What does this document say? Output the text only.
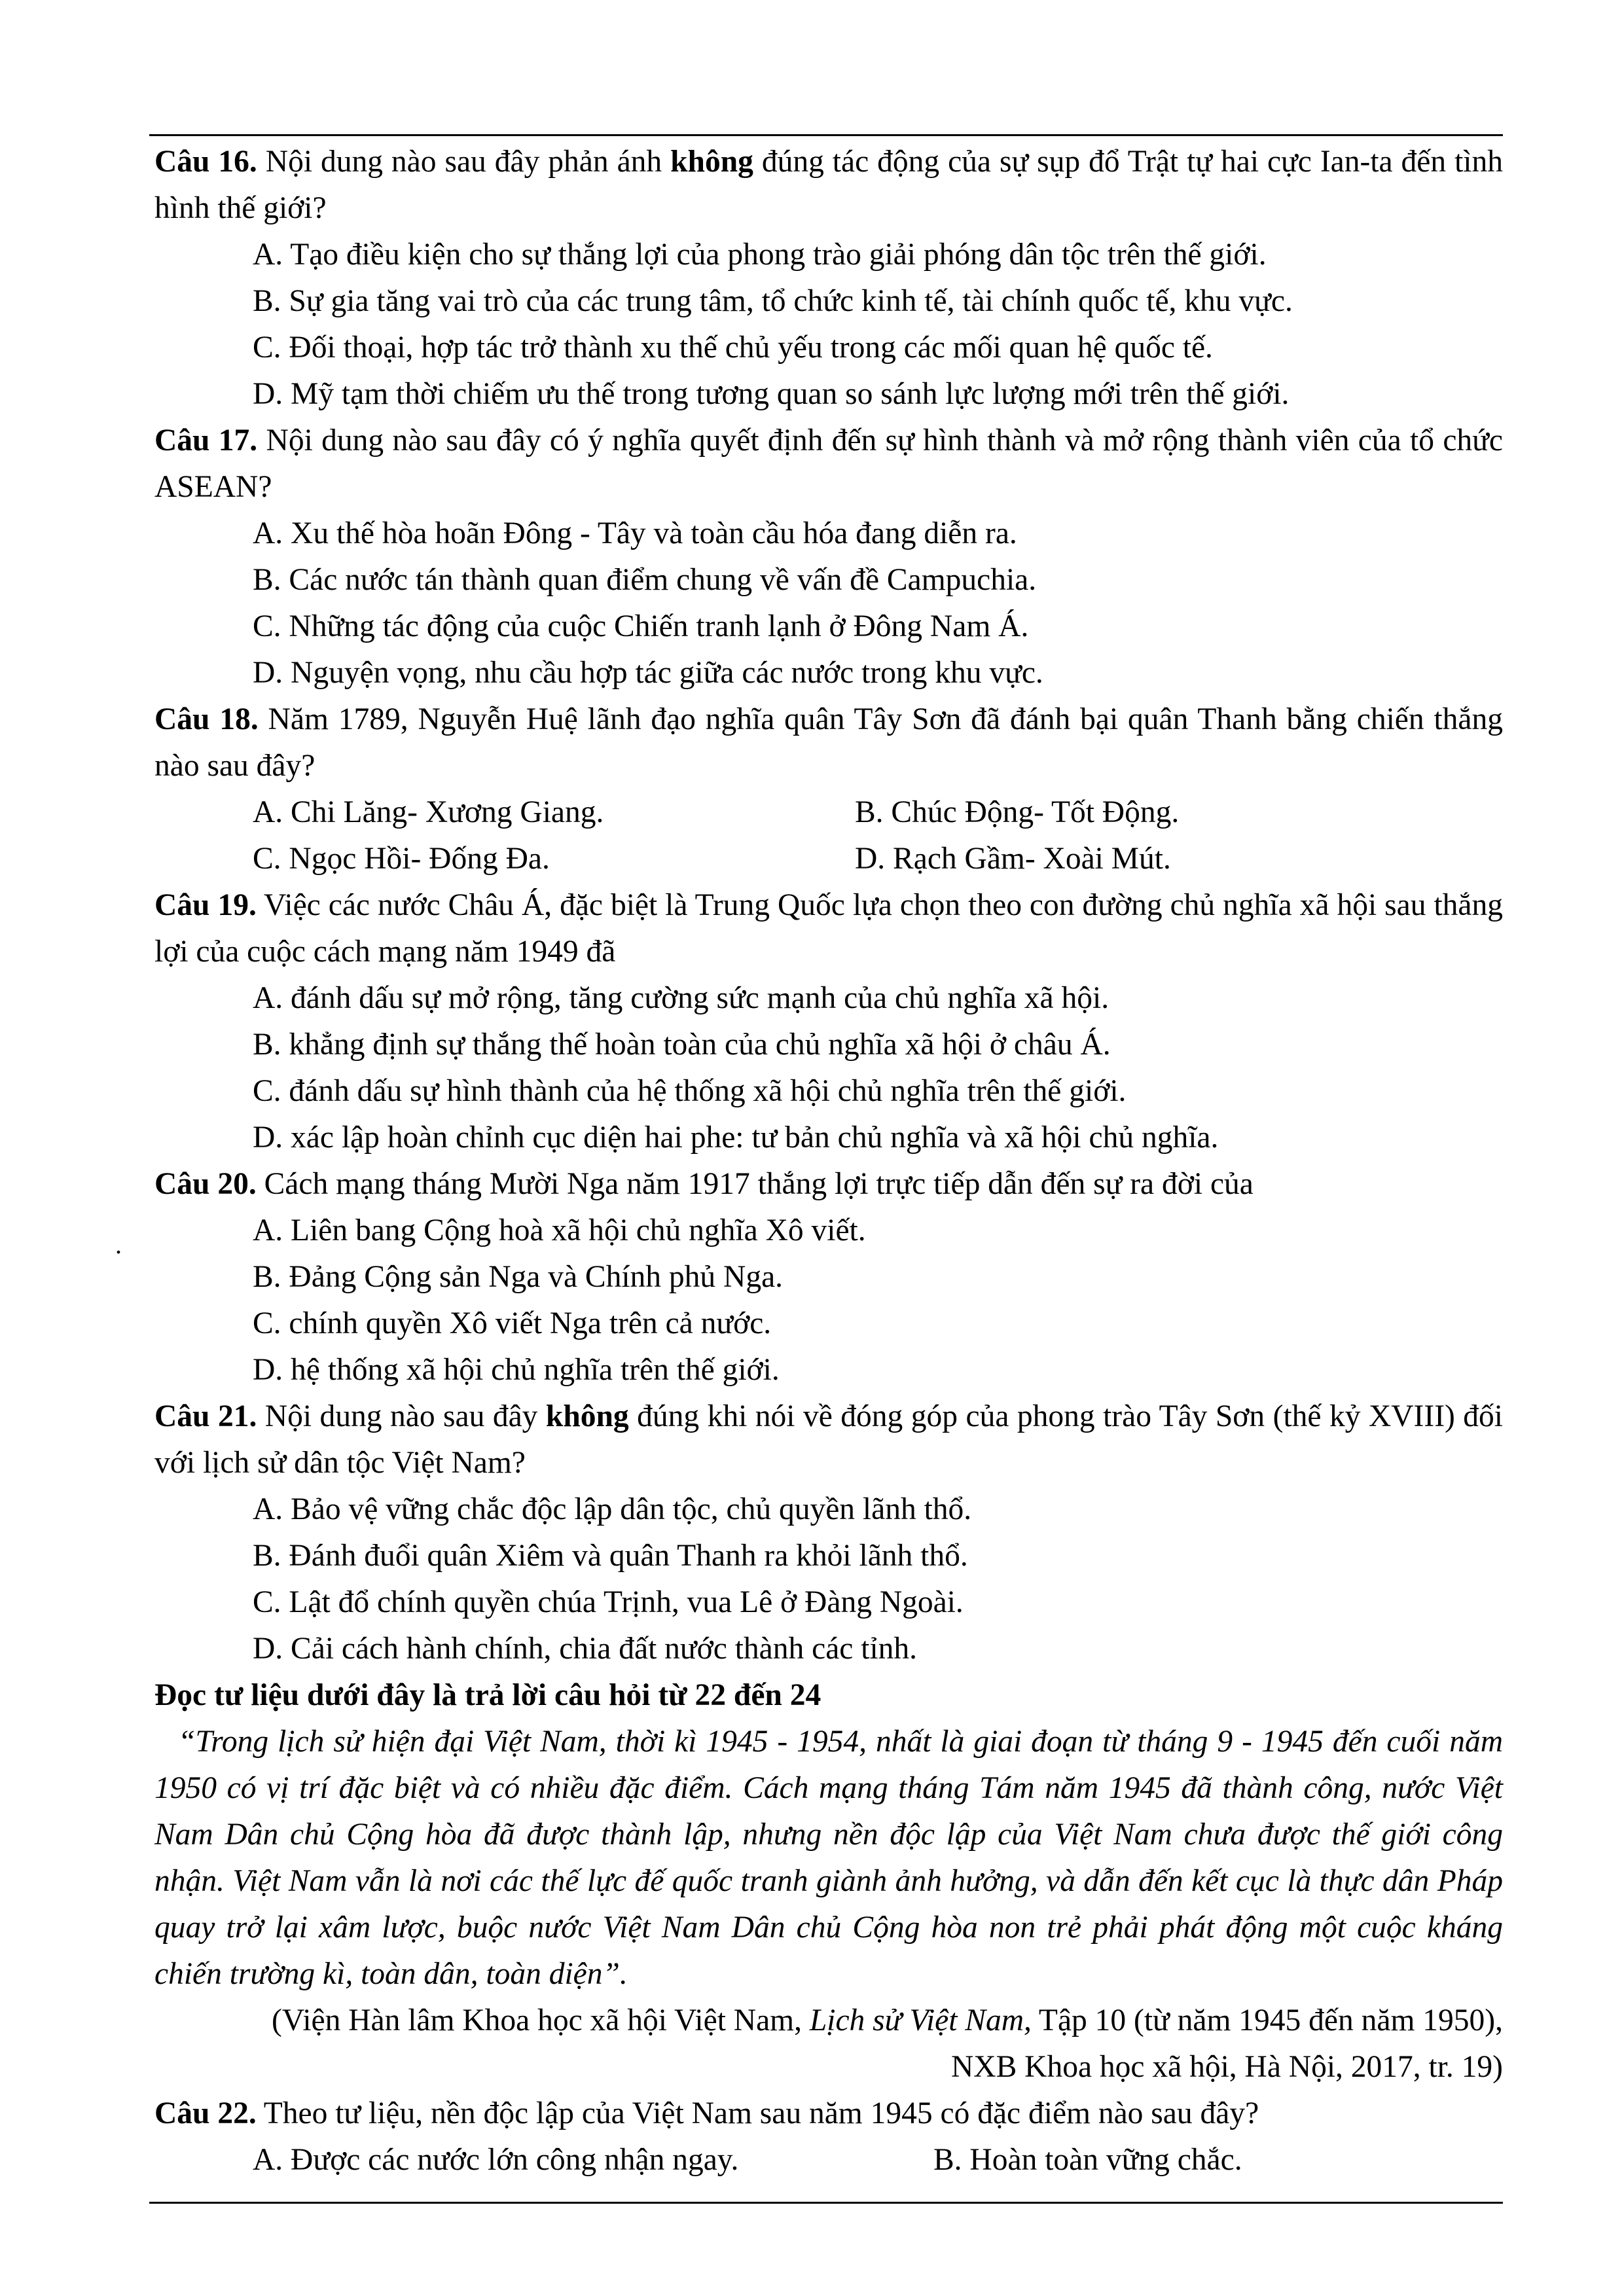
Câu 16. Nội dung nào sau đây phản ánh không đúng tác động của sự sụp đổ Trật tự hai cực Ian-ta đến tình hình thế giới?
A. Tạo điều kiện cho sự thắng lợi của phong trào giải phóng dân tộc trên thế giới.
B. Sự gia tăng vai trò của các trung tâm, tổ chức kinh tế, tài chính quốc tế, khu vực.
C. Đối thoại, hợp tác trở thành xu thế chủ yếu trong các mối quan hệ quốc tế.
D. Mỹ tạm thời chiếm ưu thế trong tương quan so sánh lực lượng mới trên thế giới.
Câu 17. Nội dung nào sau đây có ý nghĩa quyết định đến sự hình thành và mở rộng thành viên của tổ chức ASEAN?
A. Xu thế hòa hoãn Đông - Tây và toàn cầu hóa đang diễn ra.
B. Các nước tán thành quan điểm chung về vấn đề Campuchia.
C. Những tác động của cuộc Chiến tranh lạnh ở Đông Nam Á.
D. Nguyện vọng, nhu cầu hợp tác giữa các nước trong khu vực.
Câu 18. Năm 1789, Nguyễn Huệ lãnh đạo nghĩa quân Tây Sơn đã đánh bại quân Thanh bằng chiến thắng nào sau đây?
A. Chi Lăng- Xương Giang.	B. Chúc Động- Tốt Động.
C. Ngọc Hồi- Đống Đa.	D. Rạch Gầm- Xoài Mút.
Câu 19. Việc các nước Châu Á, đặc biệt là Trung Quốc lựa chọn theo con đường chủ nghĩa xã hội sau thắng lợi của cuộc cách mạng năm 1949 đã
A. đánh dấu sự mở rộng, tăng cường sức mạnh của chủ nghĩa xã hội.
B. khẳng định sự thắng thế hoàn toàn của chủ nghĩa xã hội ở châu Á.
C. đánh dấu sự hình thành của hệ thống xã hội chủ nghĩa trên thế giới.
D. xác lập hoàn chỉnh cục diện hai phe: tư bản chủ nghĩa và xã hội chủ nghĩa.
Câu 20. Cách mạng tháng Mười Nga năm 1917 thắng lợi trực tiếp dẫn đến sự ra đời của
A. Liên bang Cộng hoà xã hội chủ nghĩa Xô viết.
B. Đảng Cộng sản Nga và Chính phủ Nga.
C. chính quyền Xô viết Nga trên cả nước.
D. hệ thống xã hội chủ nghĩa trên thế giới.
Câu 21. Nội dung nào sau đây không đúng khi nói về đóng góp của phong trào Tây Sơn (thế kỷ XVIII) đối với lịch sử dân tộc Việt Nam?
A. Bảo vệ vững chắc độc lập dân tộc, chủ quyền lãnh thổ.
B. Đánh đuổi quân Xiêm và quân Thanh ra khỏi lãnh thổ.
C. Lật đổ chính quyền chúa Trịnh, vua Lê ở Đàng Ngoài.
D. Cải cách hành chính, chia đất nước thành các tỉnh.
Đọc tư liệu dưới đây là trả lời câu hỏi từ 22 đến 24
“Trong lịch sử hiện đại Việt Nam, thời kì 1945 - 1954, nhất là giai đoạn từ tháng 9 - 1945 đến cuối năm 1950 có vị trí đặc biệt và có nhiều đặc điểm. Cách mạng tháng Tám năm 1945 đã thành công, nước Việt Nam Dân chủ Cộng hòa đã được thành lập, nhưng nền độc lập của Việt Nam chưa được thế giới công nhận. Việt Nam vẫn là nơi các thế lực đế quốc tranh giành ảnh hưởng, và dẫn đến kết cục là thực dân Pháp quay trở lại xâm lược, buộc nước Việt Nam Dân chủ Cộng hòa non trẻ phải phát động một cuộc kháng chiến trường kì, toàn dân, toàn diện”.
(Viện Hàn lâm Khoa học xã hội Việt Nam, Lịch sử Việt Nam, Tập 10 (từ năm 1945 đến năm 1950),
NXB Khoa học xã hội, Hà Nội, 2017, tr. 19)
Câu 22. Theo tư liệu, nền độc lập của Việt Nam sau năm 1945 có đặc điểm nào sau đây?
A. Được các nước lớn công nhận ngay.	B. Hoàn toàn vững chắc.
.
